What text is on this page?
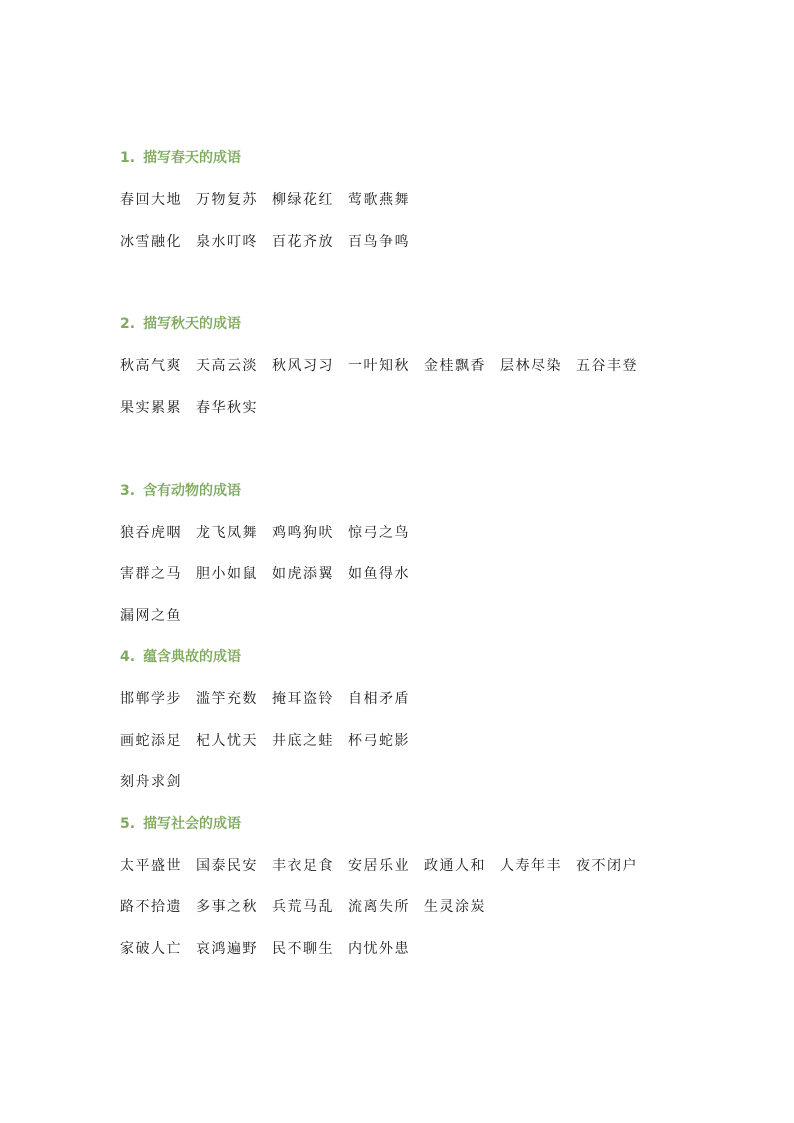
1. 描写春天的成语
春回大地 万物复苏 柳绿花红 莺歌燕舞
冰雪融化 泉水叮咚 百花齐放 百鸟争鸣
2. 描写秋天的成语
秋高气爽 天高云淡 秋风习习 一叶知秋 金桂飘香 层林尽染 五谷丰登
果实累累 春华秋实
3. 含有动物的成语
狼吞虎咽 龙飞凤舞 鸡鸣狗吠 惊弓之鸟
害群之马 胆小如鼠 如虎添翼 如鱼得水
漏网之鱼
4. 蕴含典故的成语
邯郸学步 滥竽充数 掩耳盗铃 自相矛盾
画蛇添足 杞人忧天 井底之蛙 杯弓蛇影
刻舟求剑
5. 描写社会的成语
太平盛世 国泰民安 丰衣足食 安居乐业 政通人和 人寿年丰 夜不闭户
路不拾遗 多事之秋 兵荒马乱 流离失所 生灵涂炭
家破人亡 哀鸿遍野 民不聊生 内忧外患
